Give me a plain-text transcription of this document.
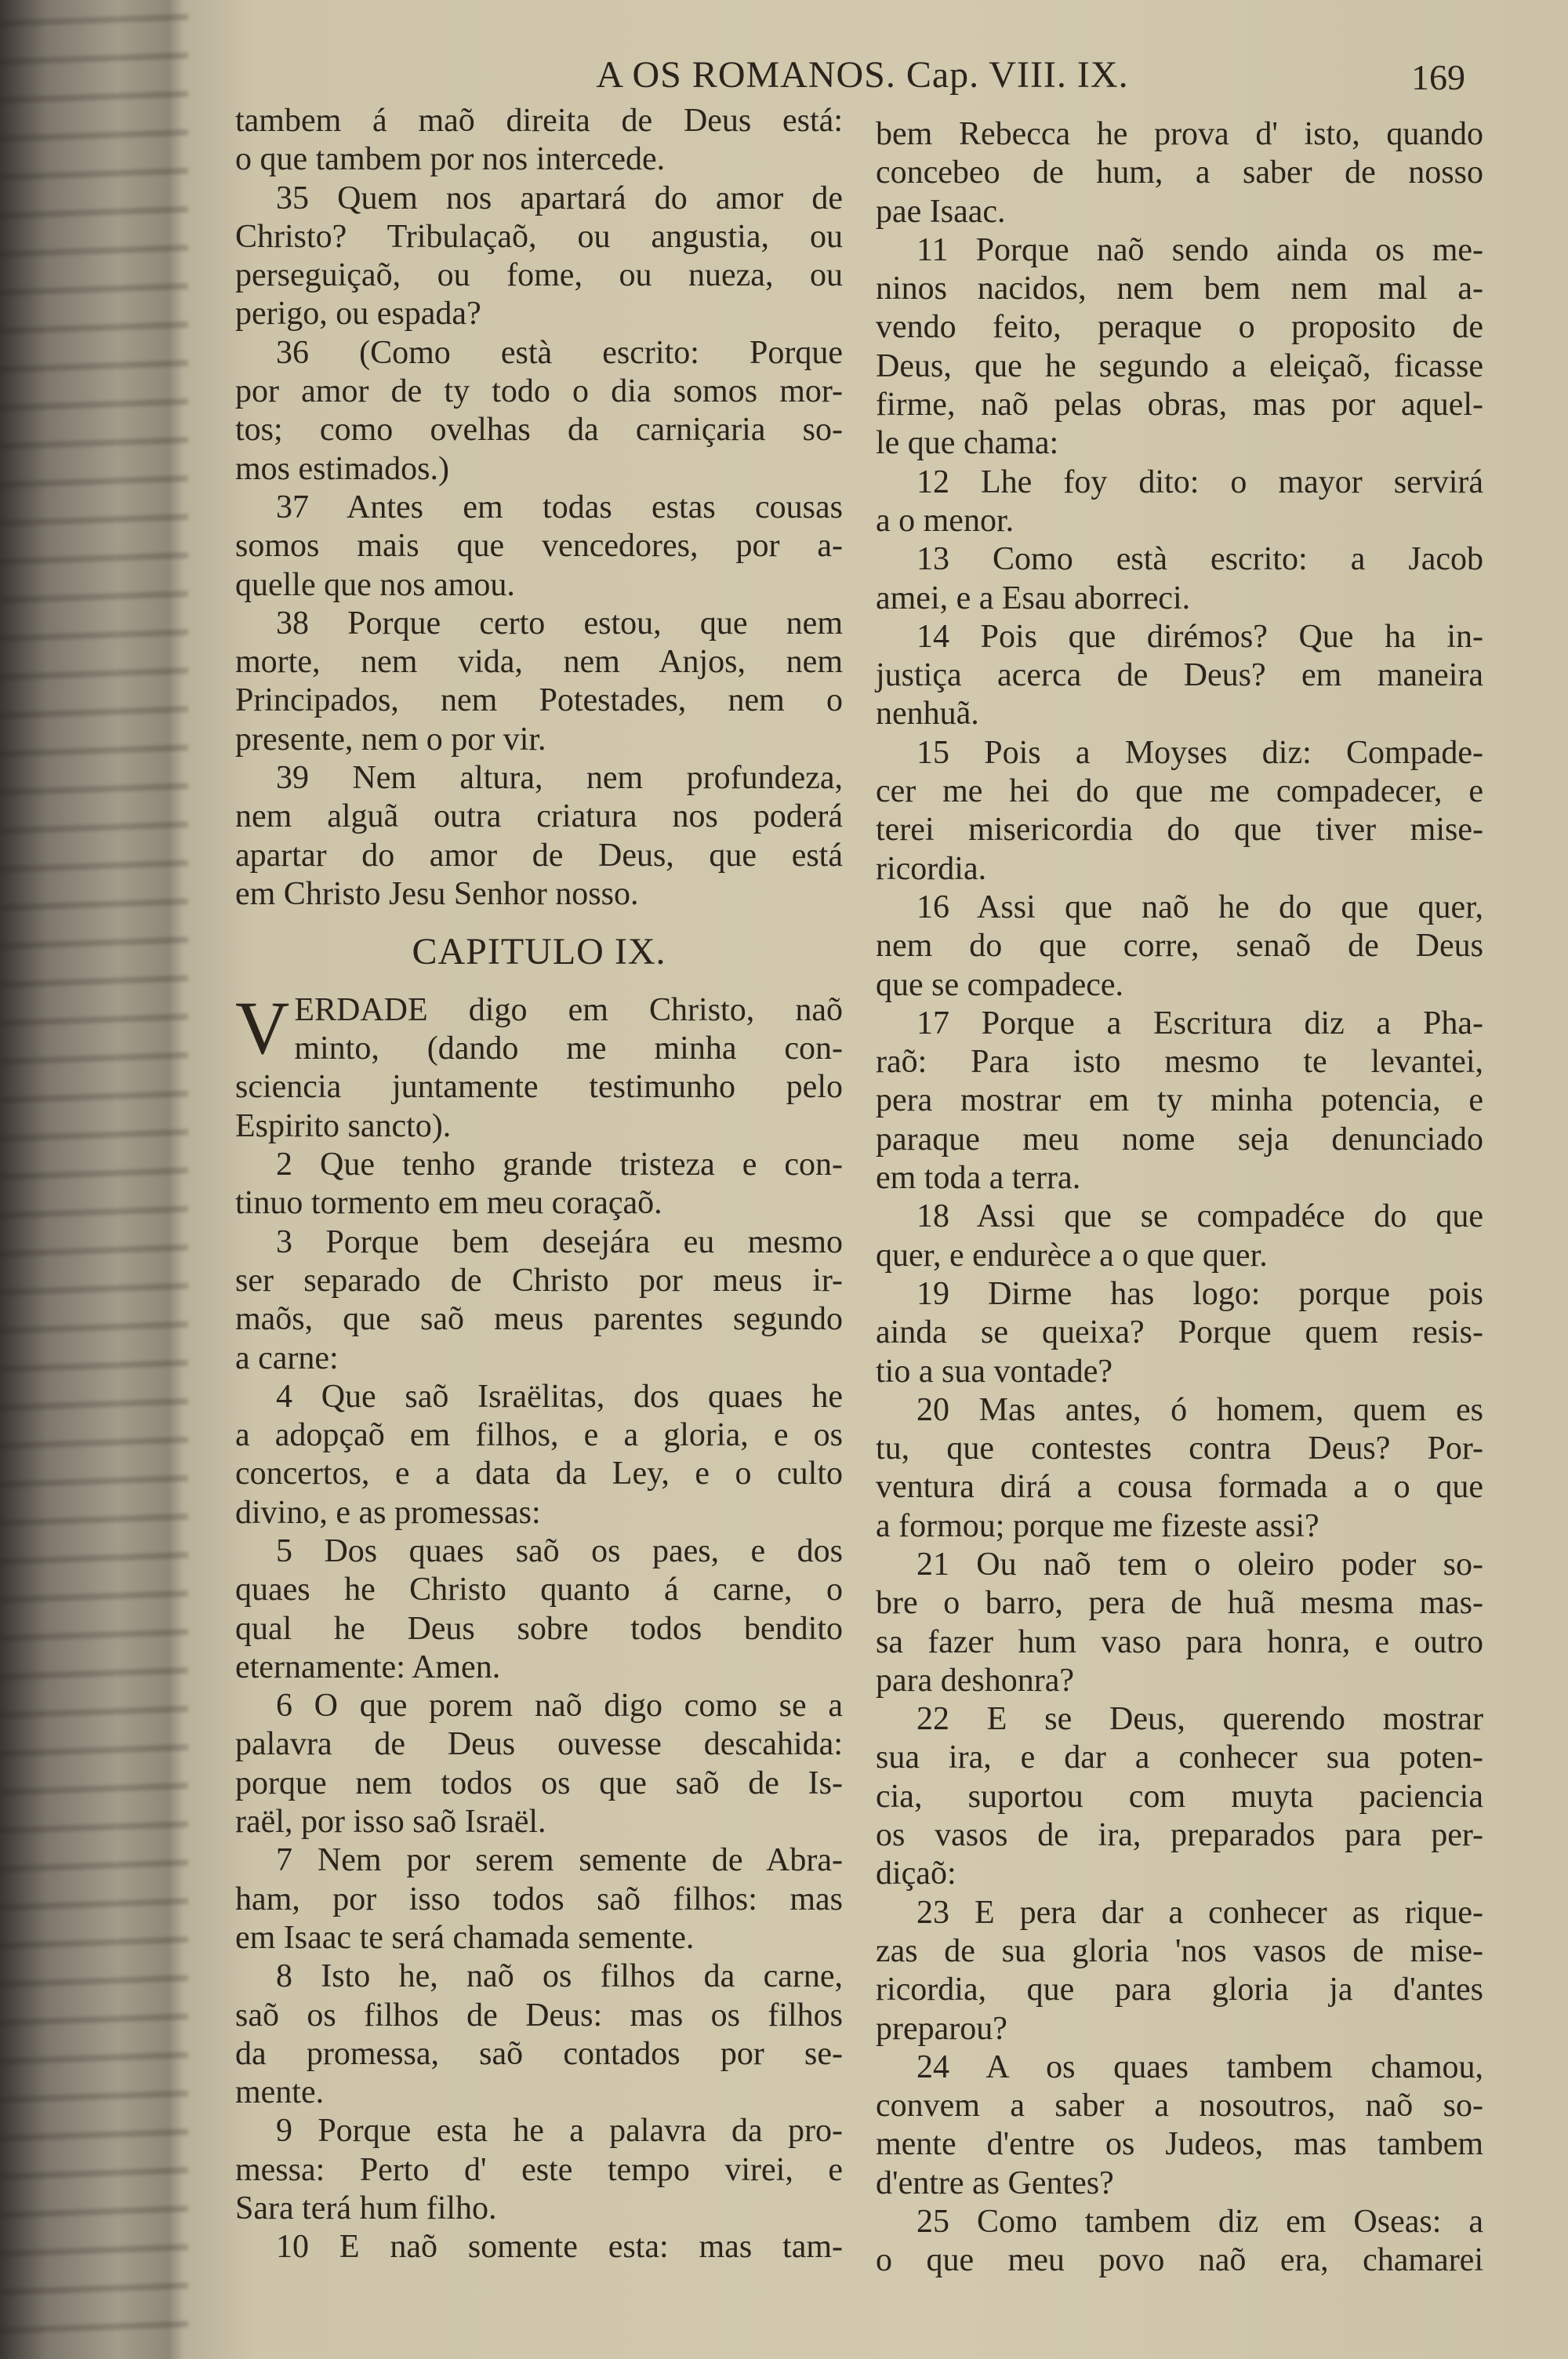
A OS ROMANOS. Cap. VIII. IX.	169
tambem á maõ direita de Deus está:
o que tambem por nos intercede.
35 Quem nos apartará do amor de
Christo? Tribulaçaõ, ou angustia, ou
perseguiçaõ, ou fome, ou nueza, ou
perigo, ou espada?
36 (Como està escrito: Porque
por amor de ty todo o dia somos mor-
tos; como ovelhas da carniçaria so-
mos estimados.)
37 Antes em todas estas cousas
somos mais que vencedores, por a-
quelle que nos amou.
38 Porque certo estou, que nem
morte, nem vida, nem Anjos, nem
Principados, nem Potestades, nem o
presente, nem o por vir.
39 Nem altura, nem profundeza,
nem alguã outra criatura nos poderá
apartar do amor de Deus, que está
em Christo Jesu Senhor nosso.
CAPITULO IX.
V ERDADE digo em Christo, naõ
minto, (dando me minha con-
sciencia juntamente testimunho pelo
Espirito sancto).
2 Que tenho grande tristeza e con-
tinuo tormento em meu coraçaõ.
3 Porque bem desejára eu mesmo
ser separado de Christo por meus ir-
maõs, que saõ meus parentes segundo
a carne:
4 Que saõ Israëlitas, dos quaes he
a adopçaõ em filhos, e a gloria, e os
concertos, e a data da Ley, e o culto
divino, e as promessas:
5 Dos quaes saõ os paes, e dos
quaes he Christo quanto á carne, o
qual he Deus sobre todos bendito
eternamente: Amen.
6 O que porem naõ digo como se a
palavra de Deus ouvesse descahida:
porque nem todos os que saõ de Is-
raël, por isso saõ Israël.
7 Nem por serem semente de Abra-
ham, por isso todos saõ filhos: mas
em Isaac te será chamada semente.
8 Isto he, naõ os filhos da carne,
saõ os filhos de Deus: mas os filhos
da promessa, saõ contados por se-
mente.
9 Porque esta he a palavra da pro-
messa: Perto d' este tempo virei, e
Sara terá hum filho.
10 E naõ somente esta: mas tam-
bem Rebecca he prova d' isto, quando
concebeo de hum, a saber de nosso
pae Isaac.
11 Porque naõ sendo ainda os me-
ninos nacidos, nem bem nem mal a-
vendo feito, peraque o proposito de
Deus, que he segundo a eleiçaõ, ficasse
firme, naõ pelas obras, mas por aquel-
le que chama:
12 Lhe foy dito: o mayor servirá
a o menor.
13 Como està escrito: a Jacob
amei, e a Esau aborreci.
14 Pois que dirémos? Que ha in-
justiça acerca de Deus? em maneira
nenhuã.
15 Pois a Moyses diz: Compade-
cer me hei do que me compadecer, e
terei misericordia do que tiver mise-
ricordia.
16 Assi que naõ he do que quer,
nem do que corre, senaõ de Deus
que se compadece.
17 Porque a Escritura diz a Pha-
raõ: Para isto mesmo te levantei,
pera mostrar em ty minha potencia, e
paraque meu nome seja denunciado
em toda a terra.
18 Assi que se compadéce do que
quer, e endurèce a o que quer.
19 Dirme has logo: porque pois
ainda se queixa? Porque quem resis-
tio a sua vontade?
20 Mas antes, ó homem, quem es
tu, que contestes contra Deus? Por-
ventura dirá a cousa formada a o que
a formou; porque me fizeste assi?
21 Ou naõ tem o oleiro poder so-
bre o barro, pera de huã mesma mas-
sa fazer hum vaso para honra, e outro
para deshonra?
22 E se Deus, querendo mostrar
sua ira, e dar a conhecer sua poten-
cia, suportou com muyta paciencia
os vasos de ira, preparados para per-
diçaõ:
23 E pera dar a conhecer as rique-
zas de sua gloria 'nos vasos de mise-
ricordia, que para gloria ja d'antes
preparou?
24 A os quaes tambem chamou,
convem a saber a nosoutros, naõ so-
mente d'entre os Judeos, mas tambem
d'entre as Gentes?
25 Como tambem diz em Oseas: a
o que meu povo naõ era, chamarei
